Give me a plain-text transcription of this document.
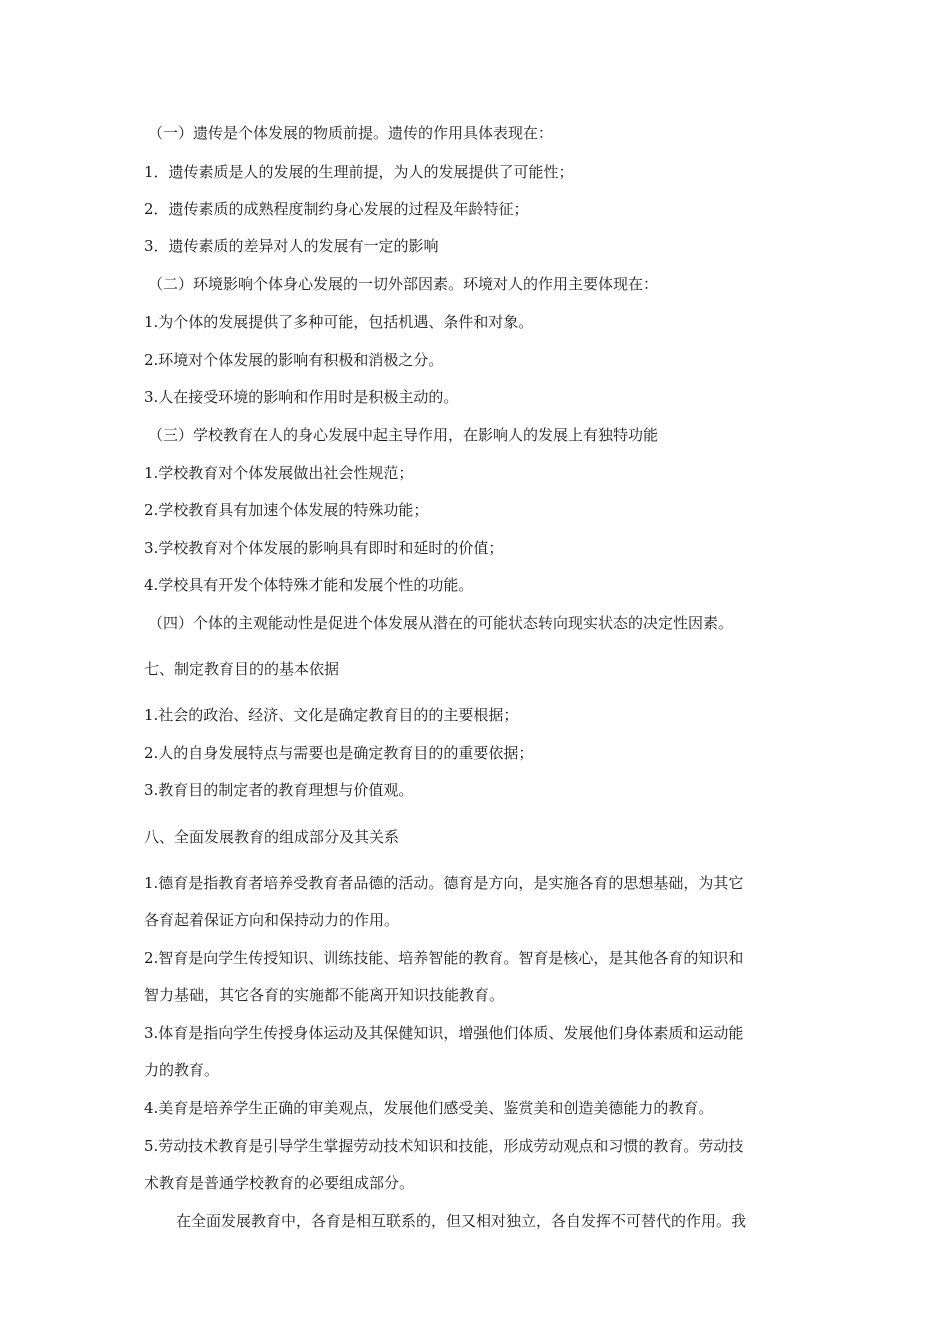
（一）遗传是个体发展的物质前提。遗传的作用具体表现在：
1．遗传素质是人的发展的生理前提，为人的发展提供了可能性；
2．遗传素质的成熟程度制约身心发展的过程及年龄特征；
3．遗传素质的差异对人的发展有一定的影响
（二）环境影响个体身心发展的一切外部因素。环境对人的作用主要体现在：
1.为个体的发展提供了多种可能，包括机遇、条件和对象。
2.环境对个体发展的影响有积极和消极之分。
3.人在接受环境的影响和作用时是积极主动的。
（三）学校教育在人的身心发展中起主导作用，在影响人的发展上有独特功能
1.学校教育对个体发展做出社会性规范；
2.学校教育具有加速个体发展的特殊功能；
3.学校教育对个体发展的影响具有即时和延时的价值；
4.学校具有开发个体特殊才能和发展个性的功能。
（四）个体的主观能动性是促进个体发展从潜在的可能状态转向现实状态的决定性因素。
七、制定教育目的的基本依据
1.社会的政治、经济、文化是确定教育目的的主要根据；
2.人的自身发展特点与需要也是确定教育目的的重要依据；
3.教育目的制定者的教育理想与价值观。
八、全面发展教育的组成部分及其关系
1.德育是指教育者培养受教育者品德的活动。德育是方向，是实施各育的思想基础，为其它
各育起着保证方向和保持动力的作用。
2.智育是向学生传授知识、训练技能、培养智能的教育。智育是核心，是其他各育的知识和
智力基础，其它各育的实施都不能离开知识技能教育。
3.体育是指向学生传授身体运动及其保健知识，增强他们体质、发展他们身体素质和运动能
力的教育。
4.美育是培养学生正确的审美观点，发展他们感受美、鉴赏美和创造美德能力的教育。
5.劳动技术教育是引导学生掌握劳动技术知识和技能，形成劳动观点和习惯的教育。劳动技
术教育是普通学校教育的必要组成部分。
在全面发展教育中，各育是相互联系的，但又相对独立，各自发挥不可替代的作用。我
